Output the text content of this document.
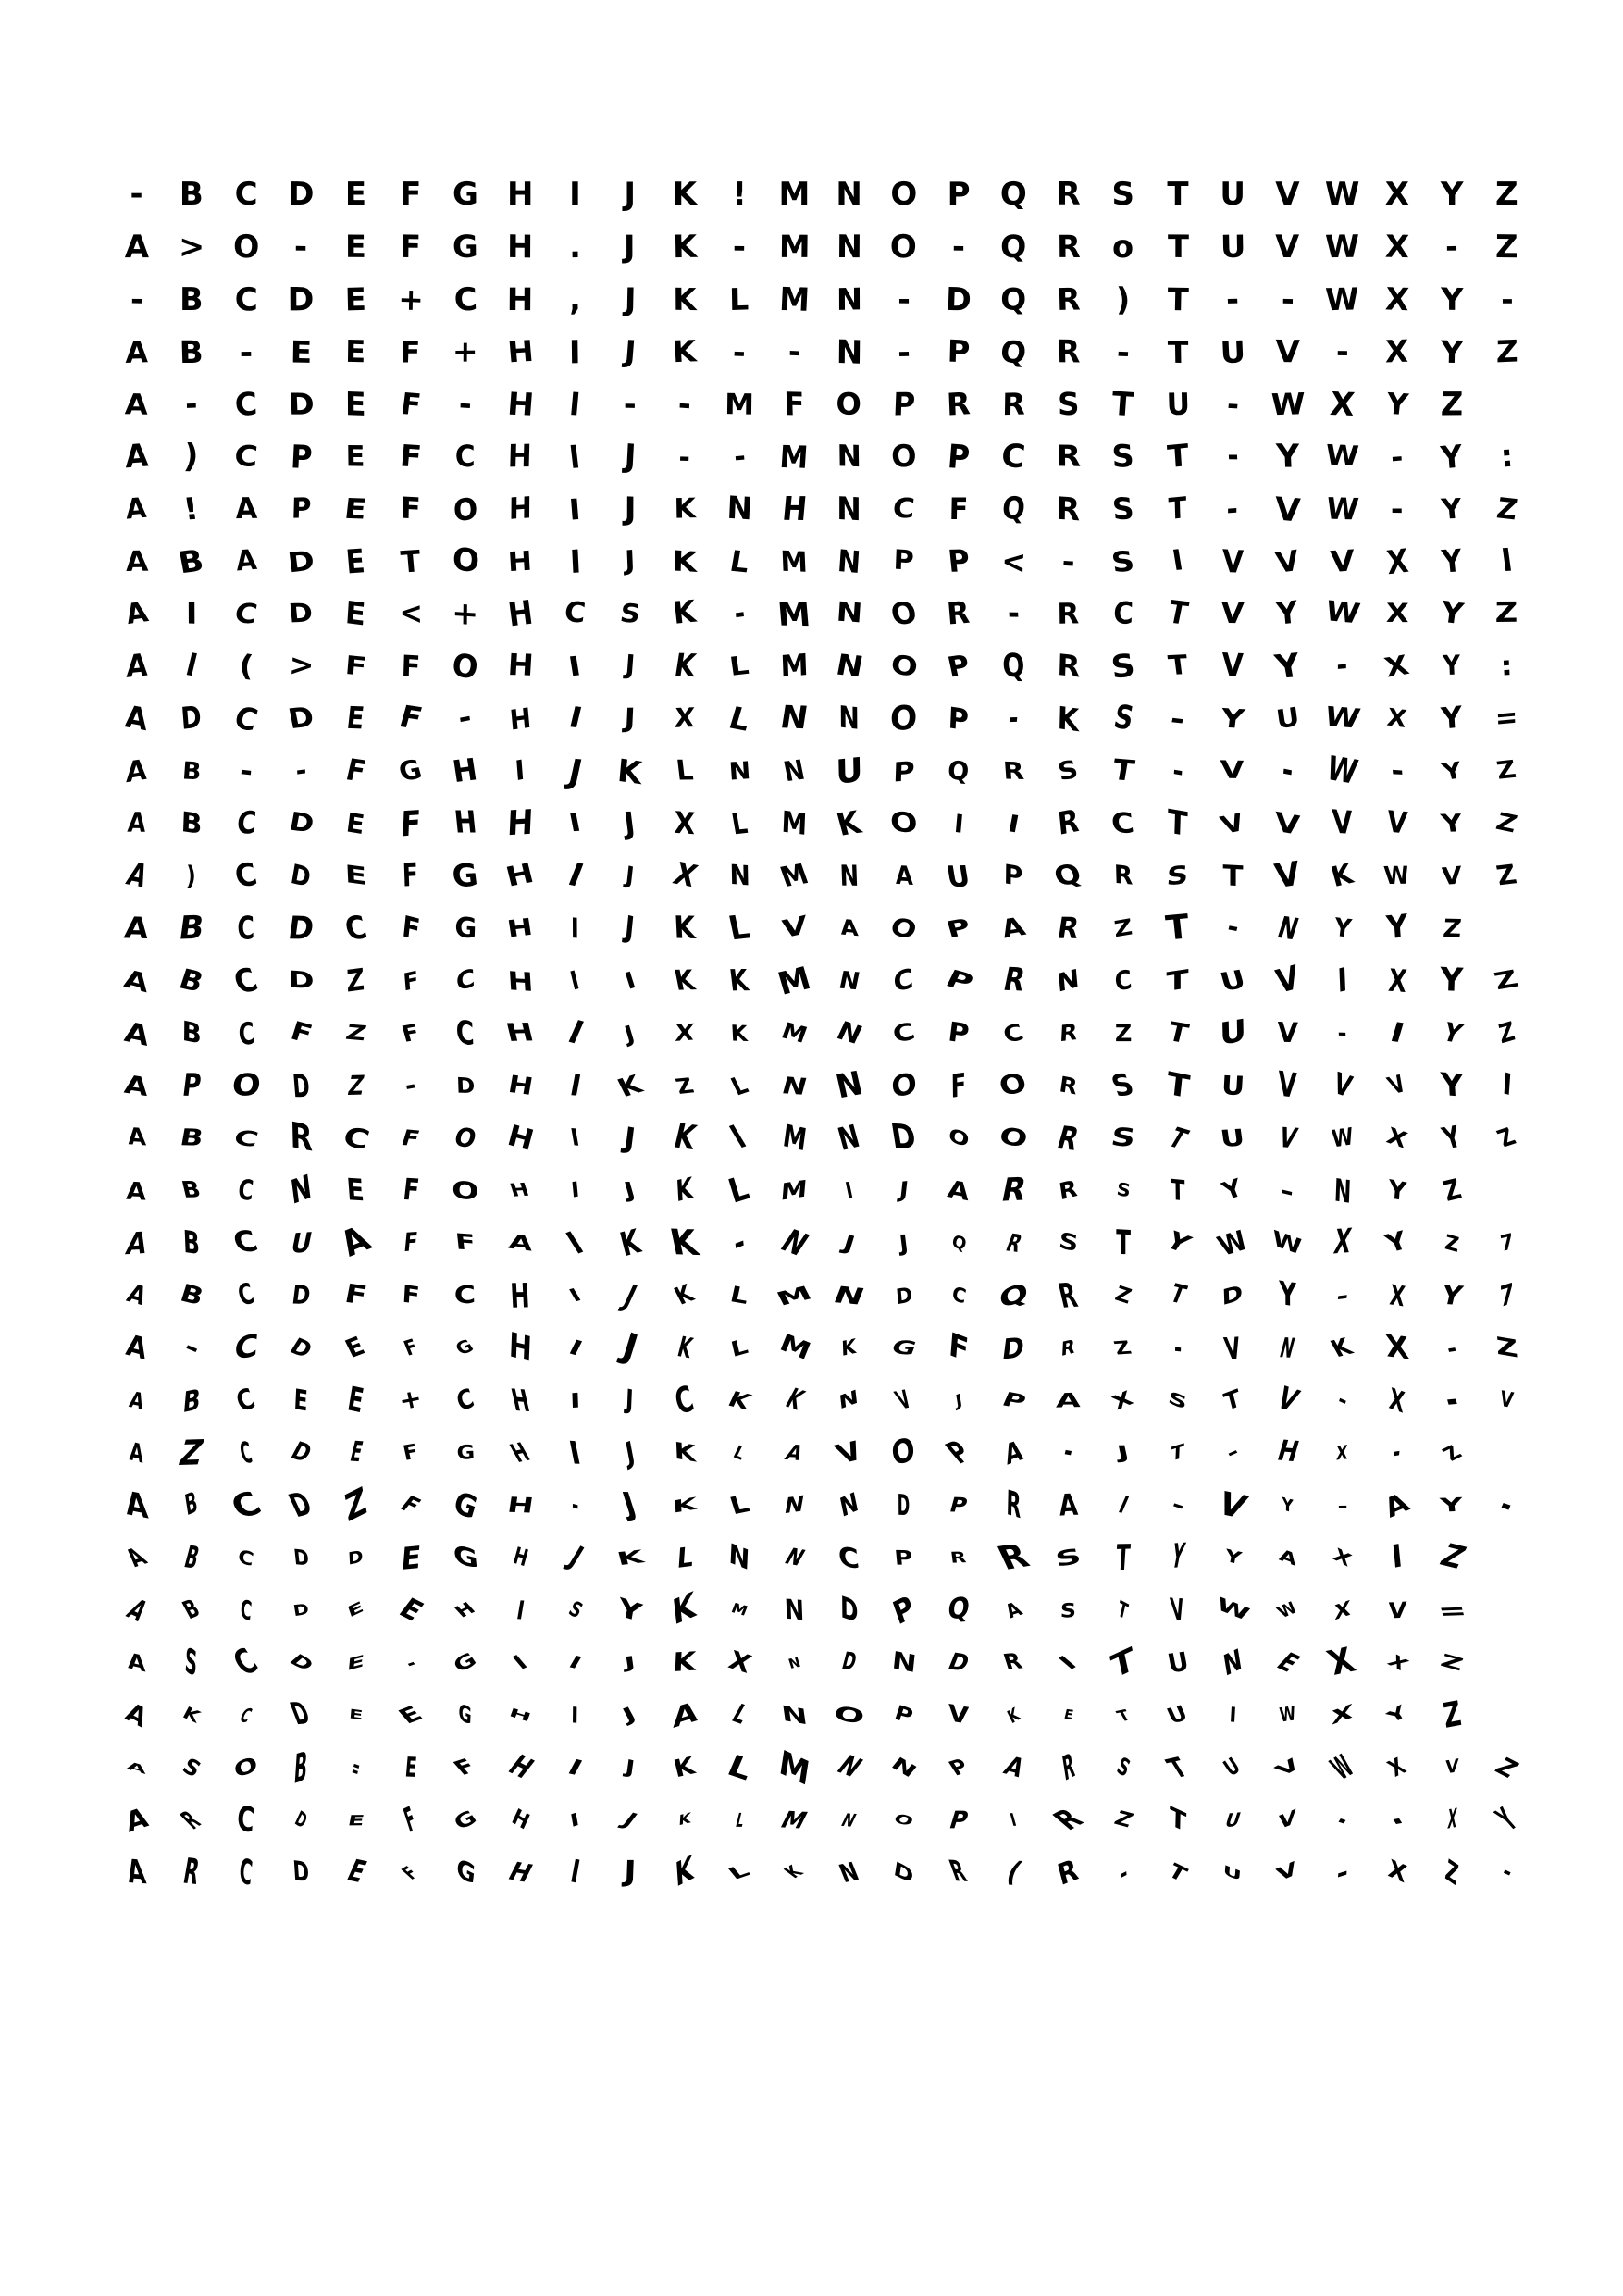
- B C D E F G H I J K ! M N O P Q R S T U V W X Y Z
A > O - E F G H . J K - M N O - Q R o T U V W X - Z
- B C D E + C H , J K L M N - D Q R ) T - - W X Y -
A B - E E F + H I J K - - N - P Q R - T U V - X Y Z
A - C D E F - H I - - M F O P R R S T U - W X Y Z
A ) C P E F C H I J - - M N O P C R S T - Y W - Y :
A ! A P E F O H I J K N H N C F Q R S T - V W - Y Z
A B A D E T O H I J K L M N P P < - S I V V V X Y I
A I C D E < + H C S K - M N O R - R C T V Y W X Y Z
A I ( > F F O H I J K L M N O P Q R S T V Y - X Y :
A D C D E F - H I J X L N N O P - K S - Y U W X Y =
A B - - F G H I J K L N N U P Q R S T - V - W - Y Z
A B C D E F H H I J X L M K O I I R C T V V V V Y Z
A ) C D E F G H I J X N M N A U P Q R S T V K W V Z
A B C D C F G H I J K L V A O P A R Z T - N Y Y Z
A B C D Z F C H I I K K M N C P R N C T U V I X Y Z
A B C F Z F C H I J X K M N C P C R Z T U V - I Y Z
A P O D Z - D H I K Z L N N O F O R S T U V V V Y I
A B C R C F O H I J K I M N D O O R S T U V W X Y Z
A B C N E F O H I J K L M I J A R R S T Y - N Y Z
A B C U A F F A I K K - N J J Q R S T Y W W X Y Z 7
A B C D F F C H I J K L M N D C Q R Z T D Y - X Y 7
A - C D E F G H I J K L M K G F D R Z - V N K X - Z
A B C E E + C H I J C K K N V J P A X S T V - X - V
A Z C D E F G H I J K L A V O P A - J T - H X - Z
A B C D Z F G H - J K L N N D P R A I - V Y - A Y -
A B C D D E G H J K L N N C P R R S T Y Y A X I Z
A B C D E E H I S Y K M N D P Q A S T V W W X V =
A S C D E - G I I J K X N D N D R I T U N E X X Z
A K C D E E G H I J A L N O P V K E T U I W X Y Z
A S O B : E F H I J K L M N N P A R S T U V W X V Z
A R C D E F G H I J K L M N O P I R Z T U V - - X Y
A R C D E F G H I J K L K N D R ( R - T U V - X Z -
